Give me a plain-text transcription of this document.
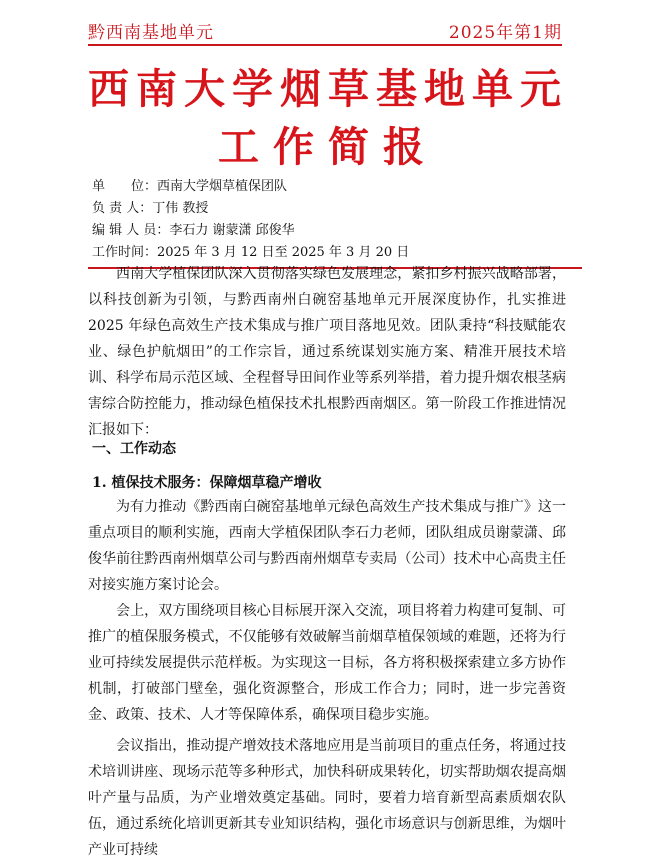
黔西南基地单元	2025年第1期
西南大学烟草基地单元
工作简报
单　　位：西南大学烟草植保团队
负 责 人：丁伟 教授
编 辑 人 员：李石力 谢蒙潇 邱俊华
工作时间：2025 年 3 月 12 日至 2025 年 3 月 20 日

西南大学植保团队深入贯彻落实绿色发展理念，紧扣乡村振兴战略部署，以科技创新为引领，与黔西南州白碗窑基地单元开展深度协作，扎实推进 2025 年绿色高效生产技术集成与推广项目落地见效。团队秉持“科技赋能农业、绿色护航烟田”的工作宗旨，通过系统谋划实施方案、精准开展技术培训、科学布局示范区域、全程督导田间作业等系列举措，着力提升烟农根茎病害综合防控能力，推动绿色植保技术扎根黔西南烟区。第一阶段工作推进情况汇报如下：

一、工作动态
1. 植保技术服务：保障烟草稳产增收

为有力推动《黔西南白碗窑基地单元绿色高效生产技术集成与推广》这一重点项目的顺利实施，西南大学植保团队李石力老师，团队组成员谢蒙潇、邱俊华前往黔西南州烟草公司与黔西南州烟草专卖局（公司）技术中心高贵主任对接实施方案讨论会。

会上，双方围绕项目核心目标展开深入交流，项目将着力构建可复制、可推广的植保服务模式，不仅能够有效破解当前烟草植保领域的难题，还将为行业可持续发展提供示范样板。为实现这一目标，各方将积极探索建立多方协作机制，打破部门壁垒，强化资源整合，形成工作合力；同时，进一步完善资金、政策、技术、人才等保障体系，确保项目稳步实施。

会议指出，推动提产增效技术落地应用是当前项目的重点任务，将通过技术培训讲座、现场示范等多种形式，加快科研成果转化，切实帮助烟农提高烟叶产量与品质，为产业增效奠定基础。同时，要着力培育新型高素质烟农队伍，通过系统化培训更新其专业知识结构，强化市场意识与创新思维，为烟叶产业可持续
